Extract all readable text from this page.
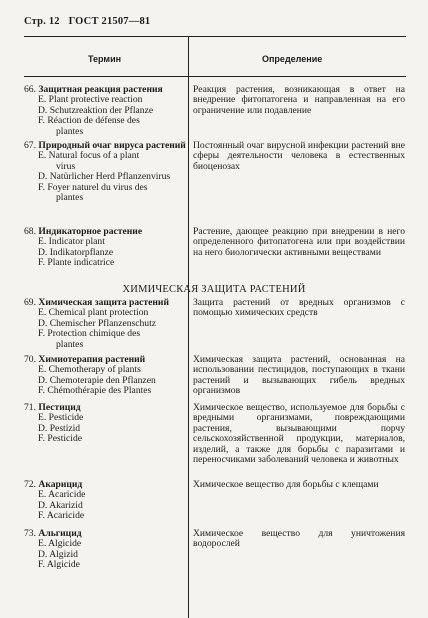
Стр. 12 ГОСТ 21507—81
Термин	Определение
ХИМИЧЕСКАЯ ЗАЩИТА РАСТЕНИЙ
66. Защитная реакция растения
E. Plant protective reaction
D. Schutzreaktion der Pflanze
F. Réaction de défense des
plantes
Реакция растения, возникающая в ответ на внедрение фитопатогена и направленная на его ограничение или подавление
67. Природный очаг вируса растений
E. Natural focus of a plant
virus
D. Natürlicher Herd Pflanzenvirus
F. Foyer naturel du virus des
plantes
Постоянный очаг вирусной инфекции растений вне сферы деятельности человека в естественных биоценозах
68. Индикаторное растение
E. Indicator plant
D. Indikatorpflanze
F. Plante indicatrice
Растение, дающее реакцию при внедрении в него определенного фитопатогена или при воздействии на него биологически активными веществами
69. Химическая защита растений
E. Chemical plant protection
D. Chemischer Pflanzenschutz
F. Protection chimique des
plantes
Защита растений от вредных организмов с помощью химических средств
70. Химиотерапия растений
E. Chemotherapy of plants
D. Chemoterapie den Pflanzen
F. Chémothérapie des Plantes
Химическая защита растений, основанная на использовании пестицидов, поступающих в ткани растений и вызывающих гибель вредных организмов
71. Пестицид
E. Pesticide
D. Pestizid
F. Pesticide
Химическое вещество, используемое для борьбы с вредными организмами, повреждающими растения, вызывающими порчу сельскохозяйственной продукции, материалов, изделий, а также для борьбы с паразитами и переносчиками заболеваний человека и животных
72. Акарицид
E. Acaricide
D. Akarizid
F. Acaricide
Химическое вещество для борьбы с клещами
73. Альгицид
E. Algicide
D. Algizid
F. Algicide
Химическое вещество для уничтожения водорослей
